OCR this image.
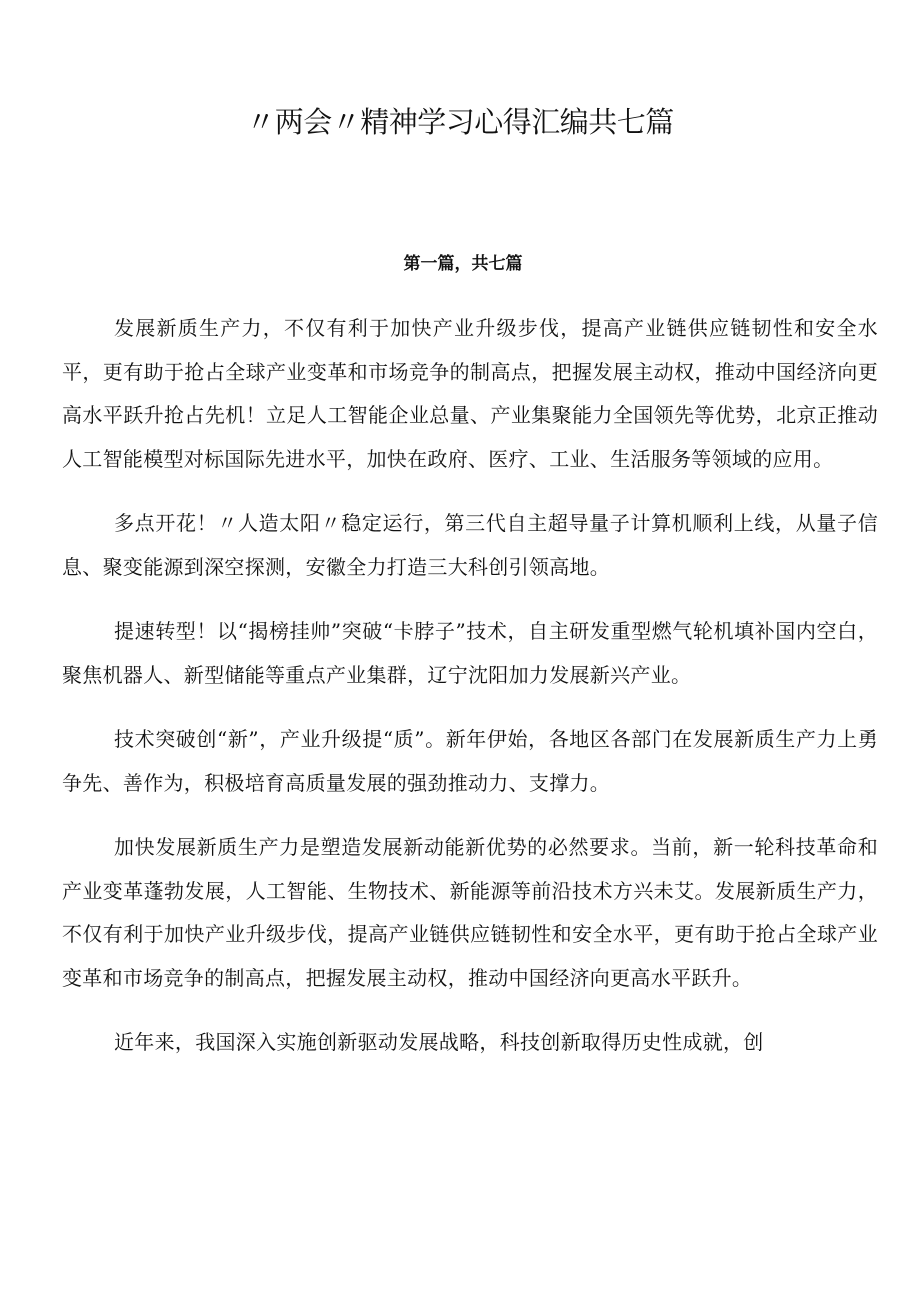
〃两会〃精神学习心得汇编共七篇
第一篇，共七篇

发展新质生产力，不仅有利于加快产业升级步伐，提高产业链供应链韧性和安全水平，更有助于抢占全球产业变革和市场竞争的制高点，把握发展主动权，推动中国经济向更高水平跃升抢占先机！立足人工智能企业总量、产业集聚能力全国领先等优势，北京正推动人工智能模型对标国际先进水平，加快在政府、医疗、工业、生活服务等领域的应用。

多点开花！〃人造太阳〃稳定运行，第三代自主超导量子计算机顺利上线，从量子信息、聚变能源到深空探测，安徽全力打造三大科创引领高地。

提速转型！以“揭榜挂帅”突破“卡脖子”技术，自主研发重型燃气轮机填补国内空白，聚焦机器人、新型储能等重点产业集群，辽宁沈阳加力发展新兴产业。

技术突破创“新”，产业升级提“质”。新年伊始，各地区各部门在发展新质生产力上勇争先、善作为，积极培育高质量发展的强劲推动力、支撑力。

加快发展新质生产力是塑造发展新动能新优势的必然要求。当前，新一轮科技革命和产业变革蓬勃发展，人工智能、生物技术、新能源等前沿技术方兴未艾。发展新质生产力，不仅有利于加快产业升级步伐，提高产业链供应链韧性和安全水平，更有助于抢占全球产业变革和市场竞争的制高点，把握发展主动权，推动中国经济向更高水平跃升。

近年来，我国深入实施创新驱动发展战略，科技创新取得历史性成就，创
